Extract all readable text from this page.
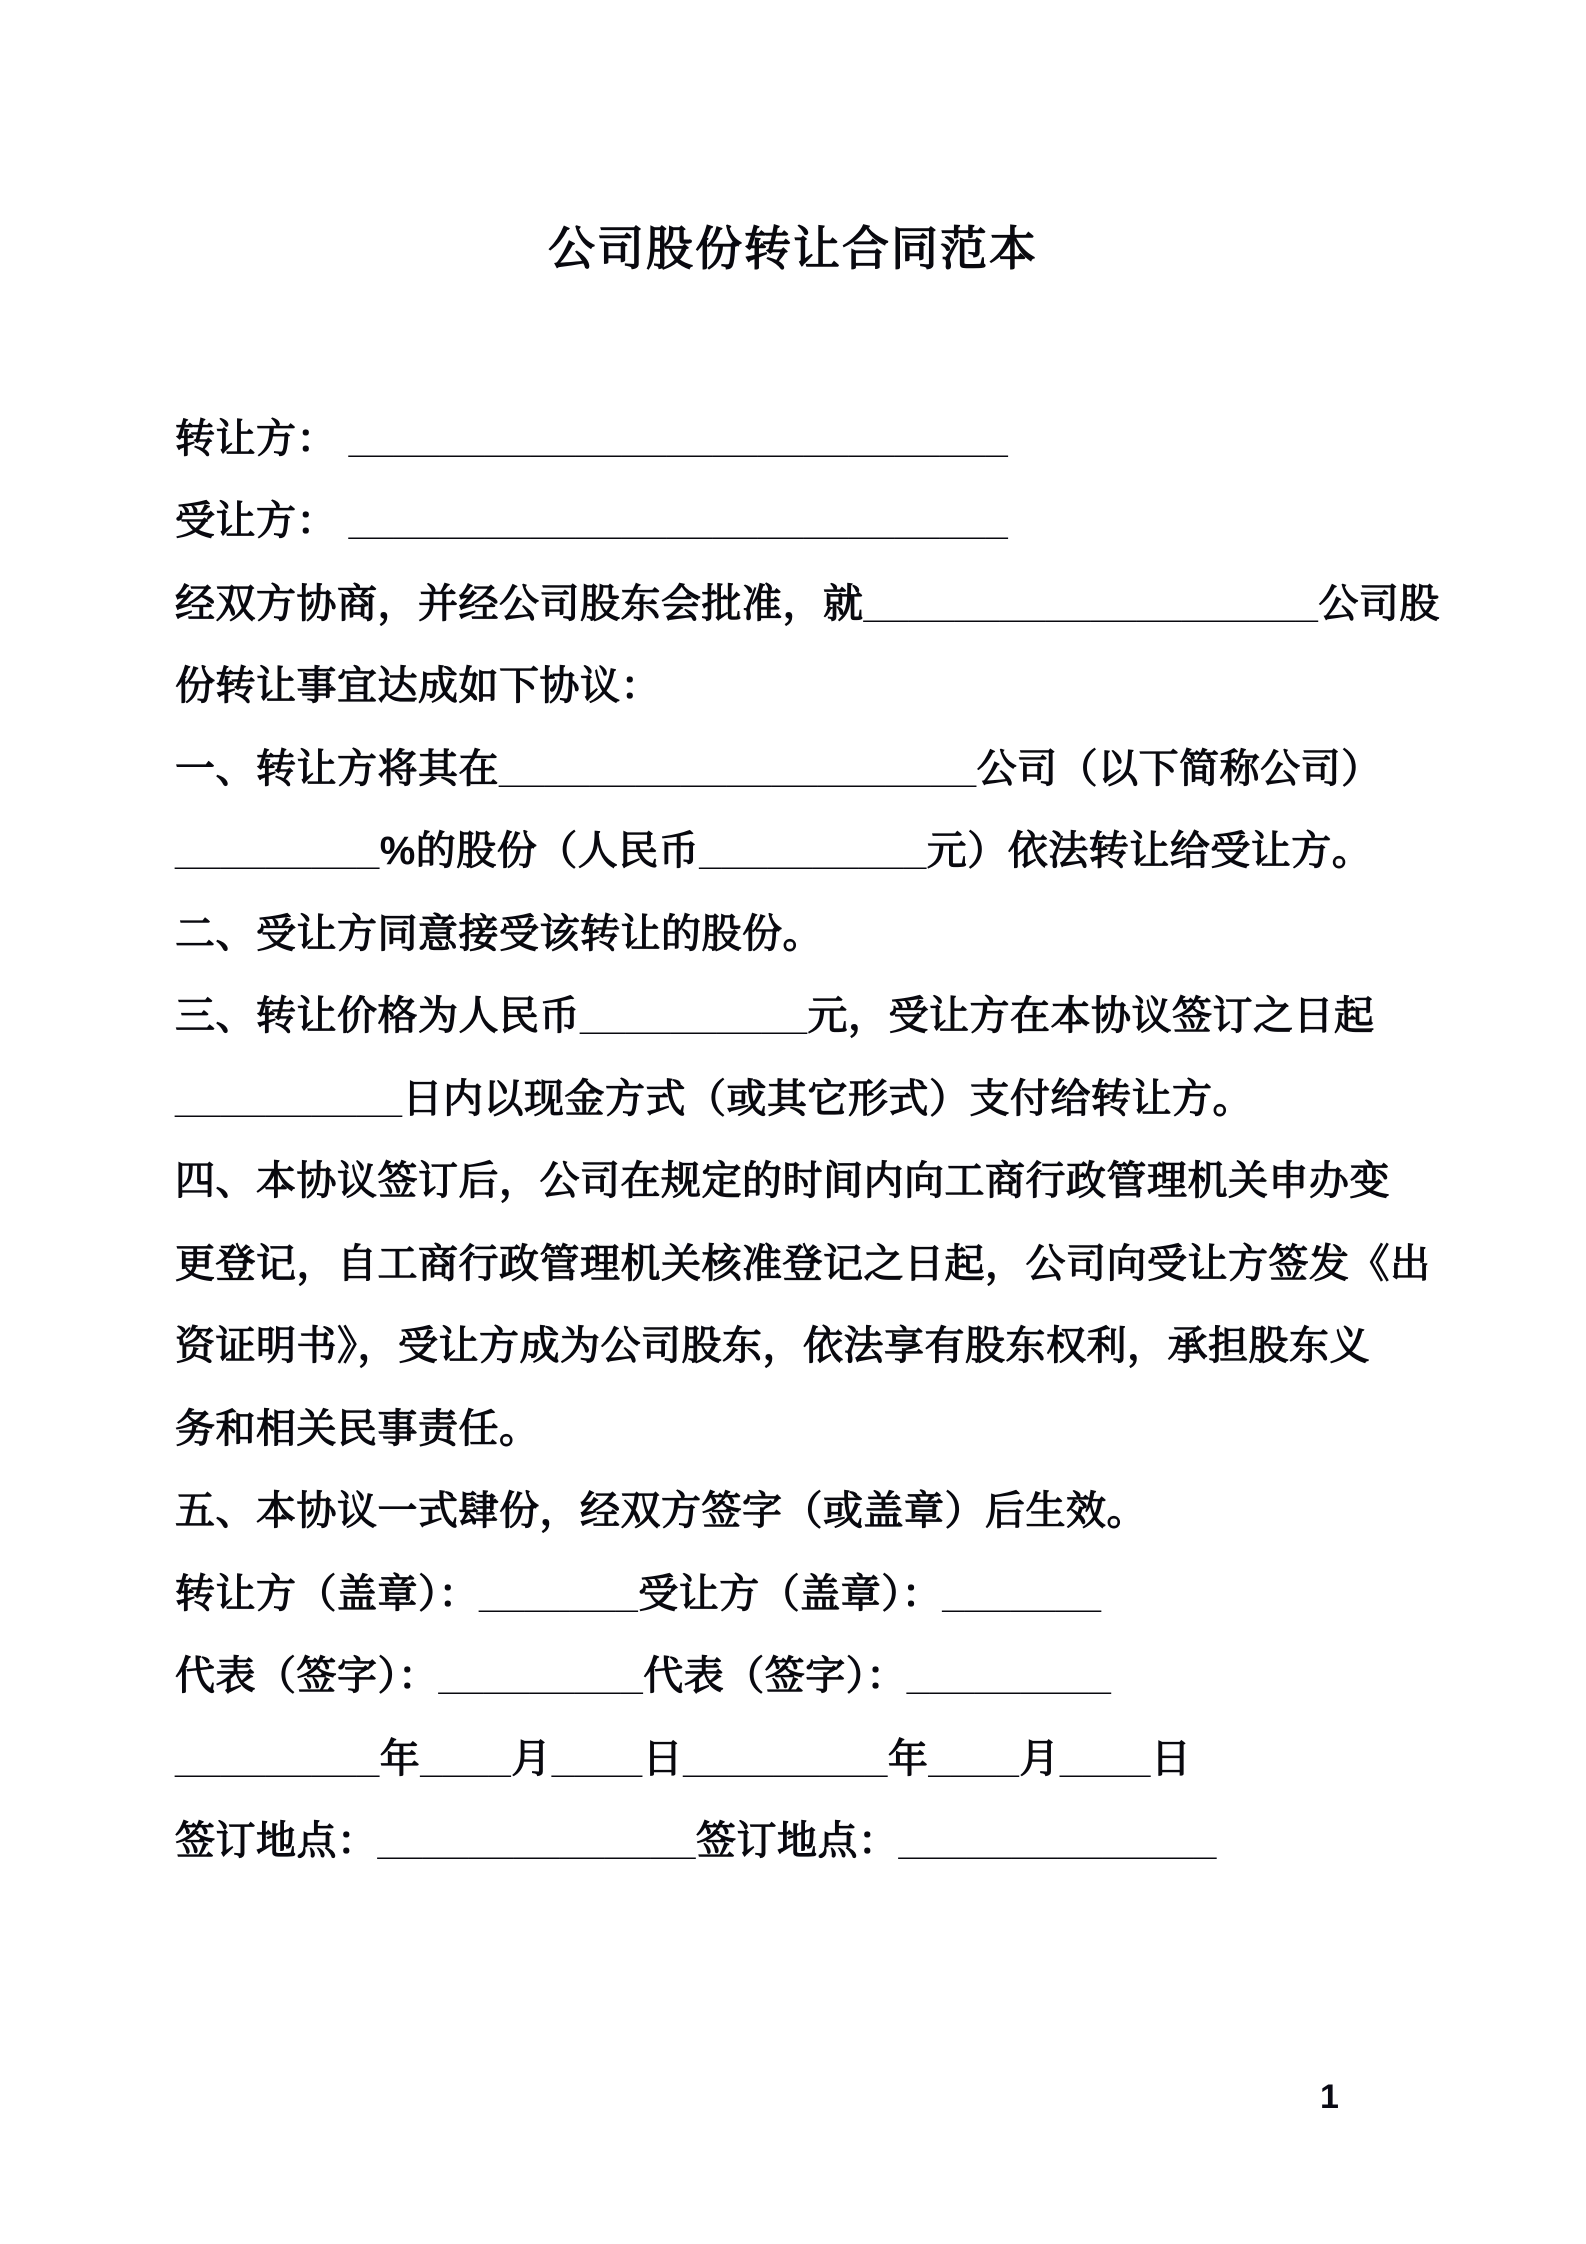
公司股份转让合同范本
转让方： _____________________________
受让方： _____________________________
经双方协商，并经公司股东会批准，就____________________公司股
份转让事宜达成如下协议：
一、转让方将其在_____________________公司（以下简称公司）
_________%的股份（人民币__________元）依法转让给受让方。
二、受让方同意接受该转让的股份。
三、转让价格为人民币__________元，受让方在本协议签订之日起
__________日内以现金方式（或其它形式）支付给转让方。
四、本协议签订后，公司在规定的时间内向工商行政管理机关申办变
更登记，自工商行政管理机关核准登记之日起，公司向受让方签发《出
资证明书》，受让方成为公司股东，依法享有股东权利，承担股东义
务和相关民事责任。
五、本协议一式肆份，经双方签字（或盖章）后生效。
转让方（盖章）：_______受让方（盖章）：_______
代表（签字）：_________代表（签字）：_________
_________年____月____日_________年____月____日
签订地点：______________签订地点：______________
1
